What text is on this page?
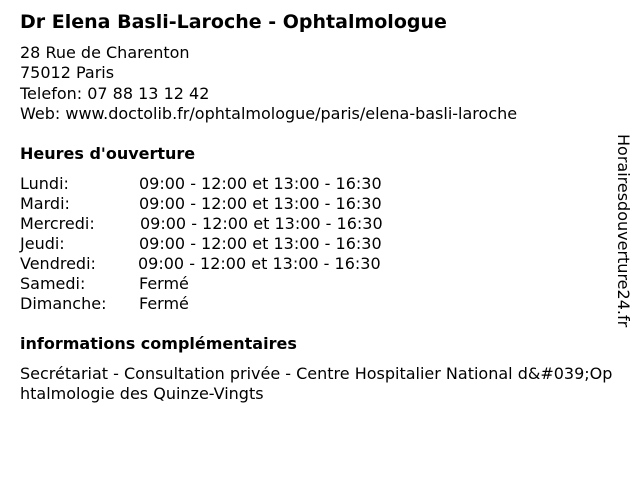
Dr Elena Basli-Laroche - Ophtalmologue
28 Rue de Charenton
75012 Paris
Telefon: 07 88 13 12 42
Web: www.doctolib.fr/ophtalmologue/paris/elena-basli-laroche
Heures d'ouverture
Lundi:	09:00 - 12:00 et 13:00 - 16:30
Mardi:	09:00 - 12:00 et 13:00 - 16:30
Mercredi:	09:00 - 12:00 et 13:00 - 16:30
Jeudi:	09:00 - 12:00 et 13:00 - 16:30
Vendredi:	09:00 - 12:00 et 13:00 - 16:30
Samedi:	Fermé
Dimanche: Fermé
informations complémentaires
Secrétariat - Consultation privée - Centre Hospitalier National d&#039;Ophtalmologie des Quinze-Vingts
Horairesdouverture24.fr
